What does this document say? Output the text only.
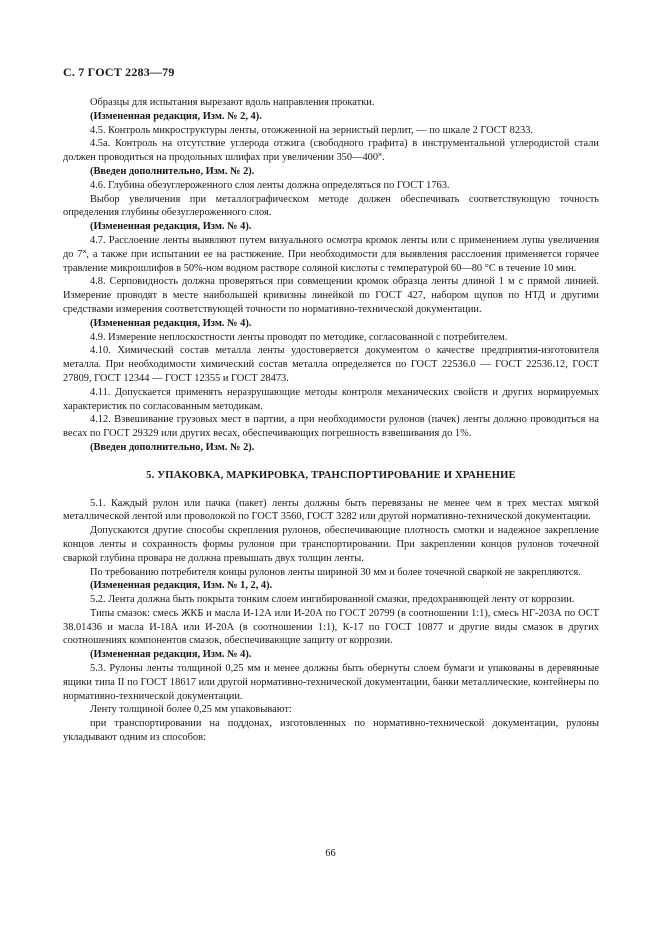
С. 7 ГОСТ 2283—79

Образцы для испытания вырезают вдоль направления прокатки.

(Измененная редакция, Изм. № 2, 4).

4.5. Контроль микроструктуры ленты, отожженной на зернистый перлит, — по шкале 2 ГОСТ 8233.

4.5а. Контроль на отсутствие углерода отжига (свободного графита) в инструментальной углеродистой стали должен проводиться на продольных шлифах при увеличении 350—400˟.

(Введен дополнительно, Изм. № 2).

4.6. Глубина обезуглероженного слоя ленты должна определяться по ГОСТ 1763.

Выбор увеличения при металлографическом методе должен обеспечивать соответствующую точность определения глубины обезуглероженного слоя.

(Измененная редакция, Изм. № 4).

4.7. Расслоение ленты выявляют путем визуального осмотра кромок ленты или с применением лупы увеличения до 7˟, а также при испытании ее на растяжение. При необходимости для выявления расслоения применяется горячее травление микрошлифов в 50%-ном водном растворе соляной кислоты с температурой 60—80 °С в течение 10 мин.

4.8. Серповидность должна проверяться при совмещении кромок образца ленты длиной 1 м с прямой линией. Измерение проводят в месте наибольшей кривизны линейкой по ГОСТ 427, набором щупов по НТД и другими средствами измерения соответствующей точности по нормативно-технической документации.

(Измененная редакция, Изм. № 4).

4.9. Измерение неплоскостности ленты проводят по методике, согласованной с потребителем.

4.10. Химический состав металла ленты удостоверяется документом о качестве предприятия-изготовителя металла. При необходимости химический состав металла определяется по ГОСТ 22536.0 — ГОСТ 22536.12, ГОСТ 27809, ГОСТ 12344 — ГОСТ 12355 и ГОСТ 28473.

4.11. Допускается применять неразрушающие методы контроля механических свойств и других нормируемых характеристик по согласованным методикам.

4.12. Взвешивание грузовых мест в партии, а при необходимости рулонов (пачек) ленты должно проводиться на весах по ГОСТ 29329 или других весах, обеспечивающих погрешность взвешивания до 1%.

(Введен дополнительно, Изм. № 2).

5. УПАКОВКА, МАРКИРОВКА, ТРАНСПОРТИРОВАНИЕ И ХРАНЕНИЕ

5.1. Каждый рулон или пачка (пакет) ленты должны быть перевязаны не менее чем в трех местах мягкой металлической лентой или проволокой по ГОСТ 3560, ГОСТ 3282 или другой нормативно-технической документации.

Допускаются другие способы скрепления рулонов, обеспечивающие плотность смотки и надежное закрепление концов ленты и сохранность формы рулонов при транспортировании. При закреплении концов рулонов точечной сваркой глубина провара не должна превышать двух толщин ленты.

По требованию потребителя концы рулонов ленты шириной 30 мм и более точечной сваркой не закрепляются.

(Измененная редакция, Изм. № 1, 2, 4).

5.2. Лента должна быть покрыта тонким слоем ингибированной смазки, предохраняющей ленту от коррозии.

Типы смазок: смесь ЖКБ и масла И-12А или И-20А по ГОСТ 20799 (в соотношении 1:1), смесь НГ-203А по ОСТ 38.01436 и масла И-18А или И-20А (в соотношении 1:1), К-17 по ГОСТ 10877 и другие виды смазок в других соотношениях компонентов смазок, обеспечивающие защиту от коррозии.

(Измененная редакция, Изм. № 4).

5.3. Рулоны ленты толщиной 0,25 мм и менее должны быть обернуты слоем бумаги и упакованы в деревянные ящики типа II по ГОСТ 18617 или другой нормативно-технической документации, банки металлические, контейнеры по нормативно-технической документации.

Ленту толщиной более 0,25 мм упаковывают:

при транспортировании на поддонах, изготовленных по нормативно-технической документации, рулоны укладывают одним из способов:

66
